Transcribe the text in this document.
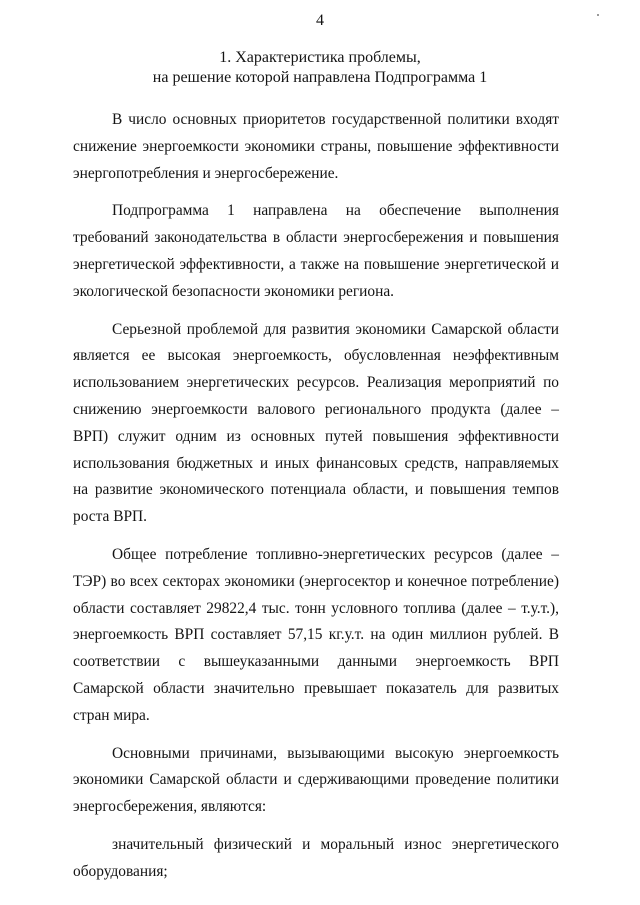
4
1. Характеристика проблемы,
на решение которой направлена Подпрограмма 1

В число основных приоритетов государственной политики входят снижение энергоемкости экономики страны, повышение эффективности энергопотребления и энергосбережение.

Подпрограмма 1 направлена на обеспечение выполнения требований законодательства в области энергосбережения и повышения энергетической эффективности, а также на повышение энергетической и экологической безопасности экономики региона.

Серьезной проблемой для развития экономики Самарской области является ее высокая энергоемкость, обусловленная неэффективным использованием энергетических ресурсов. Реализация мероприятий по снижению энергоемкости валового регионального продукта (далее – ВРП) служит одним из основных путей повышения эффективности использования бюджетных и иных финансовых средств, направляемых на развитие экономического потенциала области, и повышения темпов роста ВРП.

Общее потребление топливно-энергетических ресурсов (далее – ТЭР) во всех секторах экономики (энергосектор и конечное потребление) области составляет 29822,4 тыс. тонн условного топлива (далее – т.у.т.), энергоемкость ВРП составляет 57,15 кг.у.т. на один миллион рублей. В соответствии с вышеуказанными данными энергоемкость ВРП Самарской области значительно превышает показатель для развитых стран мира.

Основными причинами, вызывающими высокую энергоемкость экономики Самарской области и сдерживающими проведение политики энергосбережения, являются:

значительный физический и моральный износ энергетического оборудования;
